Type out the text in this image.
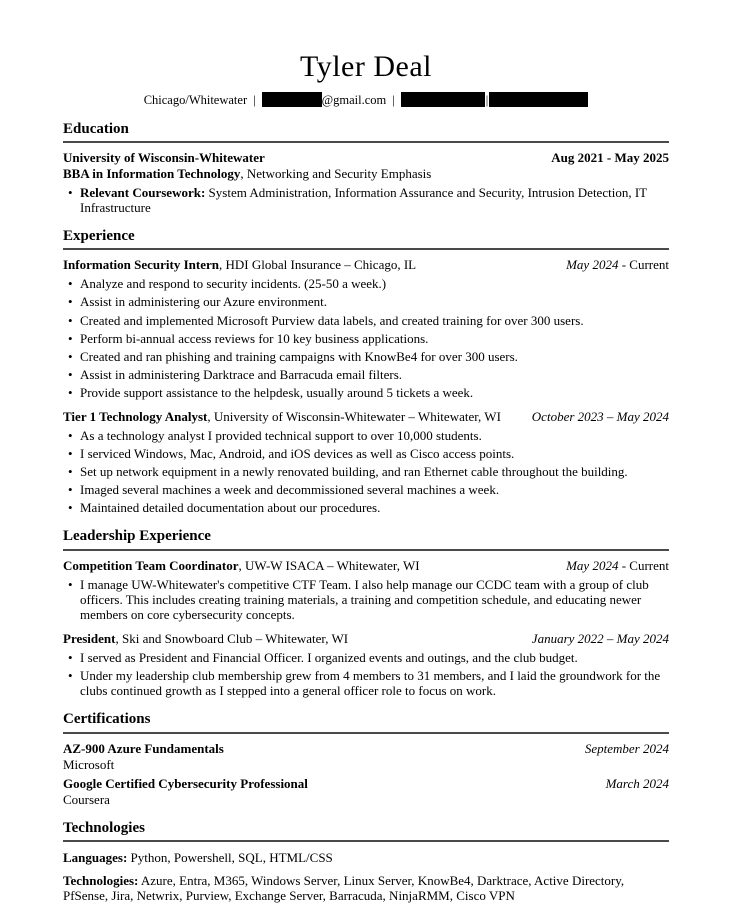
Tyler Deal
Chicago/Whitewater |	@gmail.com |	|
Education
University of Wisconsin-Whitewater	Aug 2021 - May 2025
BBA in Information Technology, Networking and Security Emphasis
• Relevant Coursework: System Administration, Information Assurance and Security, Intrusion Detection, IT Infrastructure
Experience
Information Security Intern, HDI Global Insurance – Chicago, IL	May 2024 - Current
• Analyze and respond to security incidents. (25-50 a week.)
• Assist in administering our Azure environment.
• Created and implemented Microsoft Purview data labels, and created training for over 300 users.
• Perform bi-annual access reviews for 10 key business applications.
• Created and ran phishing and training campaigns with KnowBe4 for over 300 users.
• Assist in administering Darktrace and Barracuda email filters.
• Provide support assistance to the helpdesk, usually around 5 tickets a week.
Tier 1 Technology Analyst, University of Wisconsin-Whitewater – Whitewater, WI	October 2023 – May 2024
• As a technology analyst I provided technical support to over 10,000 students.
• I serviced Windows, Mac, Android, and iOS devices as well as Cisco access points.
• Set up network equipment in a newly renovated building, and ran Ethernet cable throughout the building.
• Imaged several machines a week and decommissioned several machines a week.
• Maintained detailed documentation about our procedures.
Leadership Experience
Competition Team Coordinator, UW-W ISACA – Whitewater, WI	May 2024 - Current
• I manage UW-Whitewater's competitive CTF Team. I also help manage our CCDC team with a group of club officers. This includes creating training materials, a training and competition schedule, and educating newer members on core cybersecurity concepts.
President, Ski and Snowboard Club – Whitewater, WI	January 2022 – May 2024
• I served as President and Financial Officer. I organized events and outings, and the club budget.
• Under my leadership club membership grew from 4 members to 31 members, and I laid the groundwork for the clubs continued growth as I stepped into a general officer role to focus on work.
Certifications
AZ-900 Azure Fundamentals	September 2024
Microsoft
Google Certified Cybersecurity Professional	March 2024
Coursera
Technologies
Languages: Python, Powershell, SQL, HTML/CSS
Technologies: Azure, Entra, M365, Windows Server, Linux Server, KnowBe4, Darktrace, Active Directory, PfSense, Jira, Netwrix, Purview, Exchange Server, Barracuda, NinjaRMM, Cisco VPN
